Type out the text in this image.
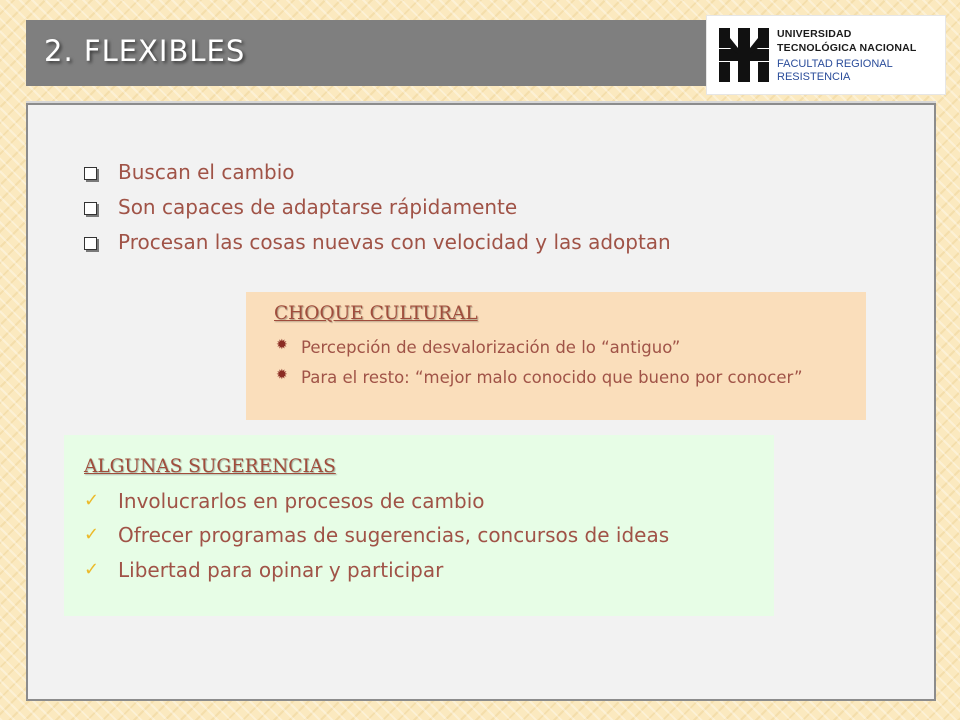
2. FLEXIBLES	UNIVERSIDAD
TECNOLÓGICA NACIONAL
FACULTAD REGIONAL
RESISTENCIA
Buscan el cambio
Son capaces de adaptarse rápidamente
Procesan las cosas nuevas con velocidad y las adoptan
CHOQUE CULTURAL
✹ Percepción de desvalorización de lo “antiguo”
✹ Para el resto: “mejor malo conocido que bueno por conocer”
ALGUNAS SUGERENCIAS
✓ Involucrarlos en procesos de cambio
✓ Ofrecer programas de sugerencias, concursos de ideas
✓ Libertad para opinar y participar
